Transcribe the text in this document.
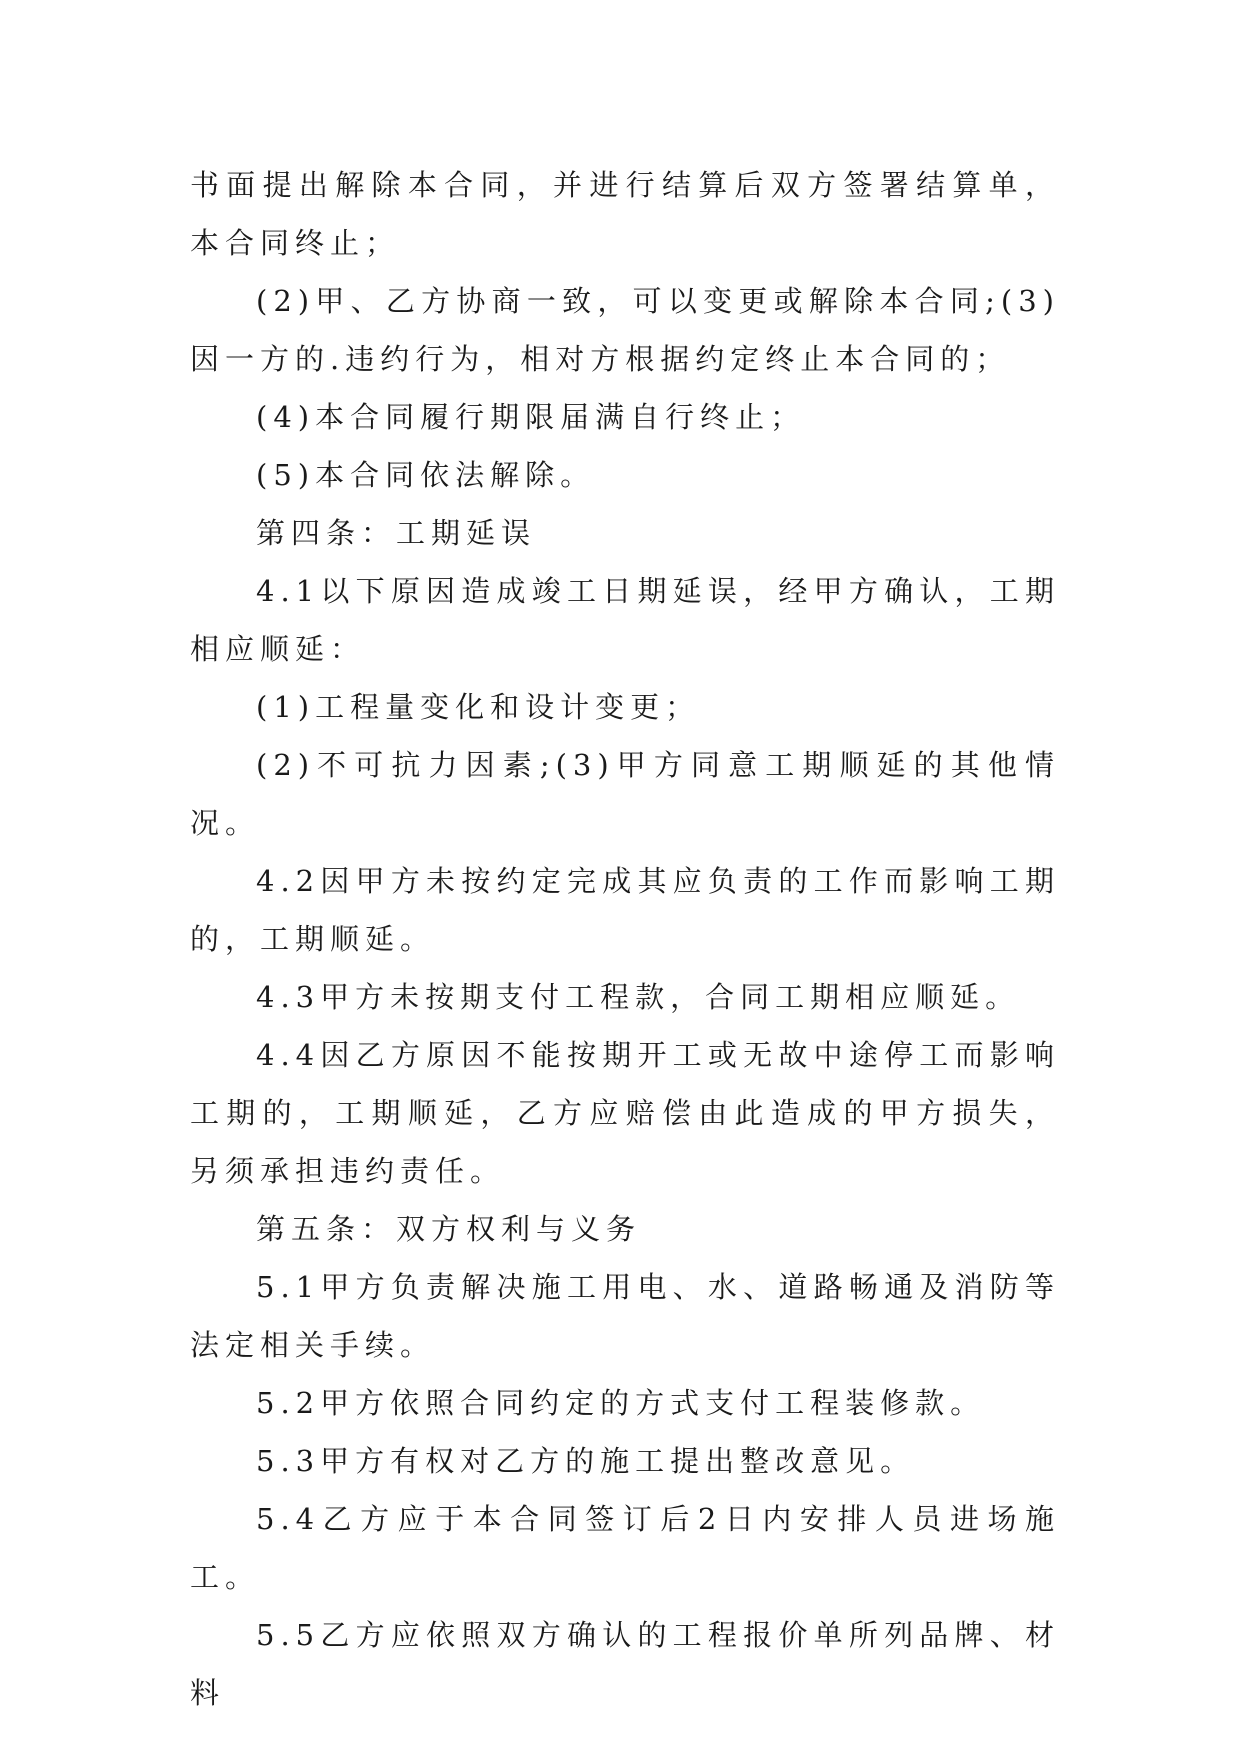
书面提出解除本合同，并进行结算后双方签署结算单，本合同终止；

(2)甲、乙方协商一致，可以变更或解除本合同;(3)因一方的.违约行为，相对方根据约定终止本合同的；

(4)本合同履行期限届满自行终止；

(5)本合同依法解除。

第四条：工期延误

4.1以下原因造成竣工日期延误，经甲方确认，工期相应顺延：

(1)工程量变化和设计变更；

(2)不可抗力因素;(3)甲方同意工期顺延的其他情况。

4.2因甲方未按约定完成其应负责的工作而影响工期的，工期顺延。

4.3甲方未按期支付工程款，合同工期相应顺延。

4.4因乙方原因不能按期开工或无故中途停工而影响工期的，工期顺延，乙方应赔偿由此造成的甲方损失，另须承担违约责任。

第五条：双方权利与义务

5.1甲方负责解决施工用电、水、道路畅通及消防等法定相关手续。

5.2甲方依照合同约定的方式支付工程装修款。

5.3甲方有权对乙方的施工提出整改意见。

5.4乙方应于本合同签订后2日内安排人员进场施工。

5.5乙方应依照双方确认的工程报价单所列品牌、材料
